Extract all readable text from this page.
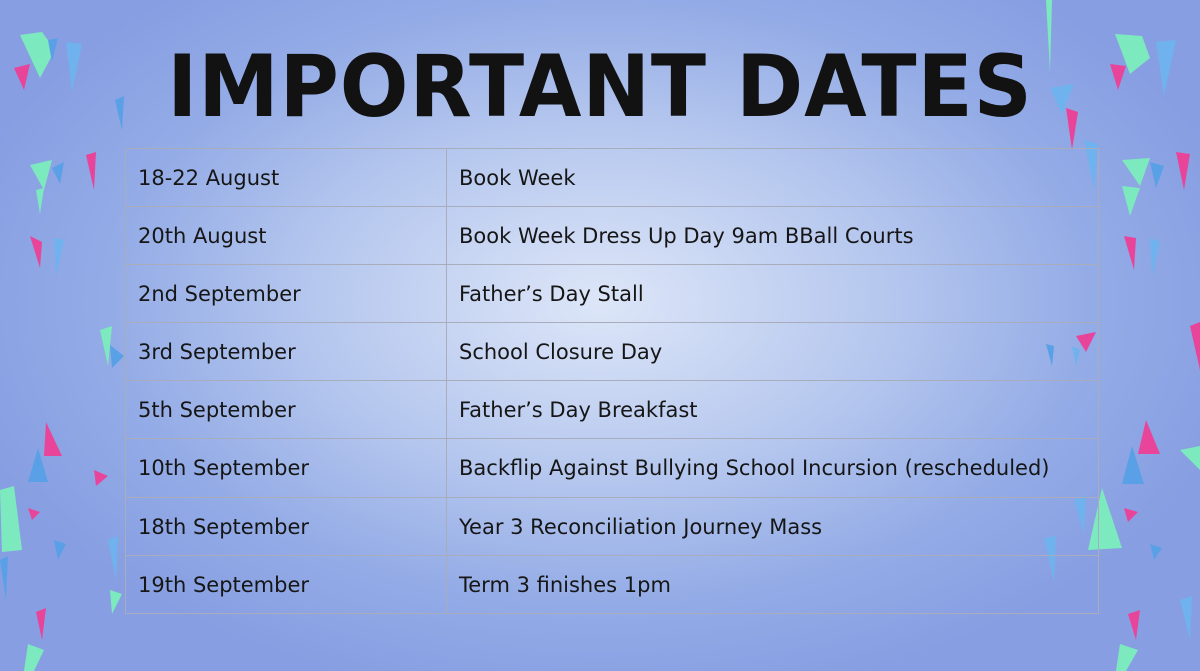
IMPORTANT DATES
18-22 August	Book Week
20th August	Book Week Dress Up Day 9am BBall Courts
2nd September	Father’s Day Stall
3rd September	School Closure Day
5th September	Father’s Day Breakfast
10th September	Backflip Against Bullying School Incursion (rescheduled)
18th September	Year 3 Reconciliation Journey Mass
19th September	Term 3 finishes 1pm
